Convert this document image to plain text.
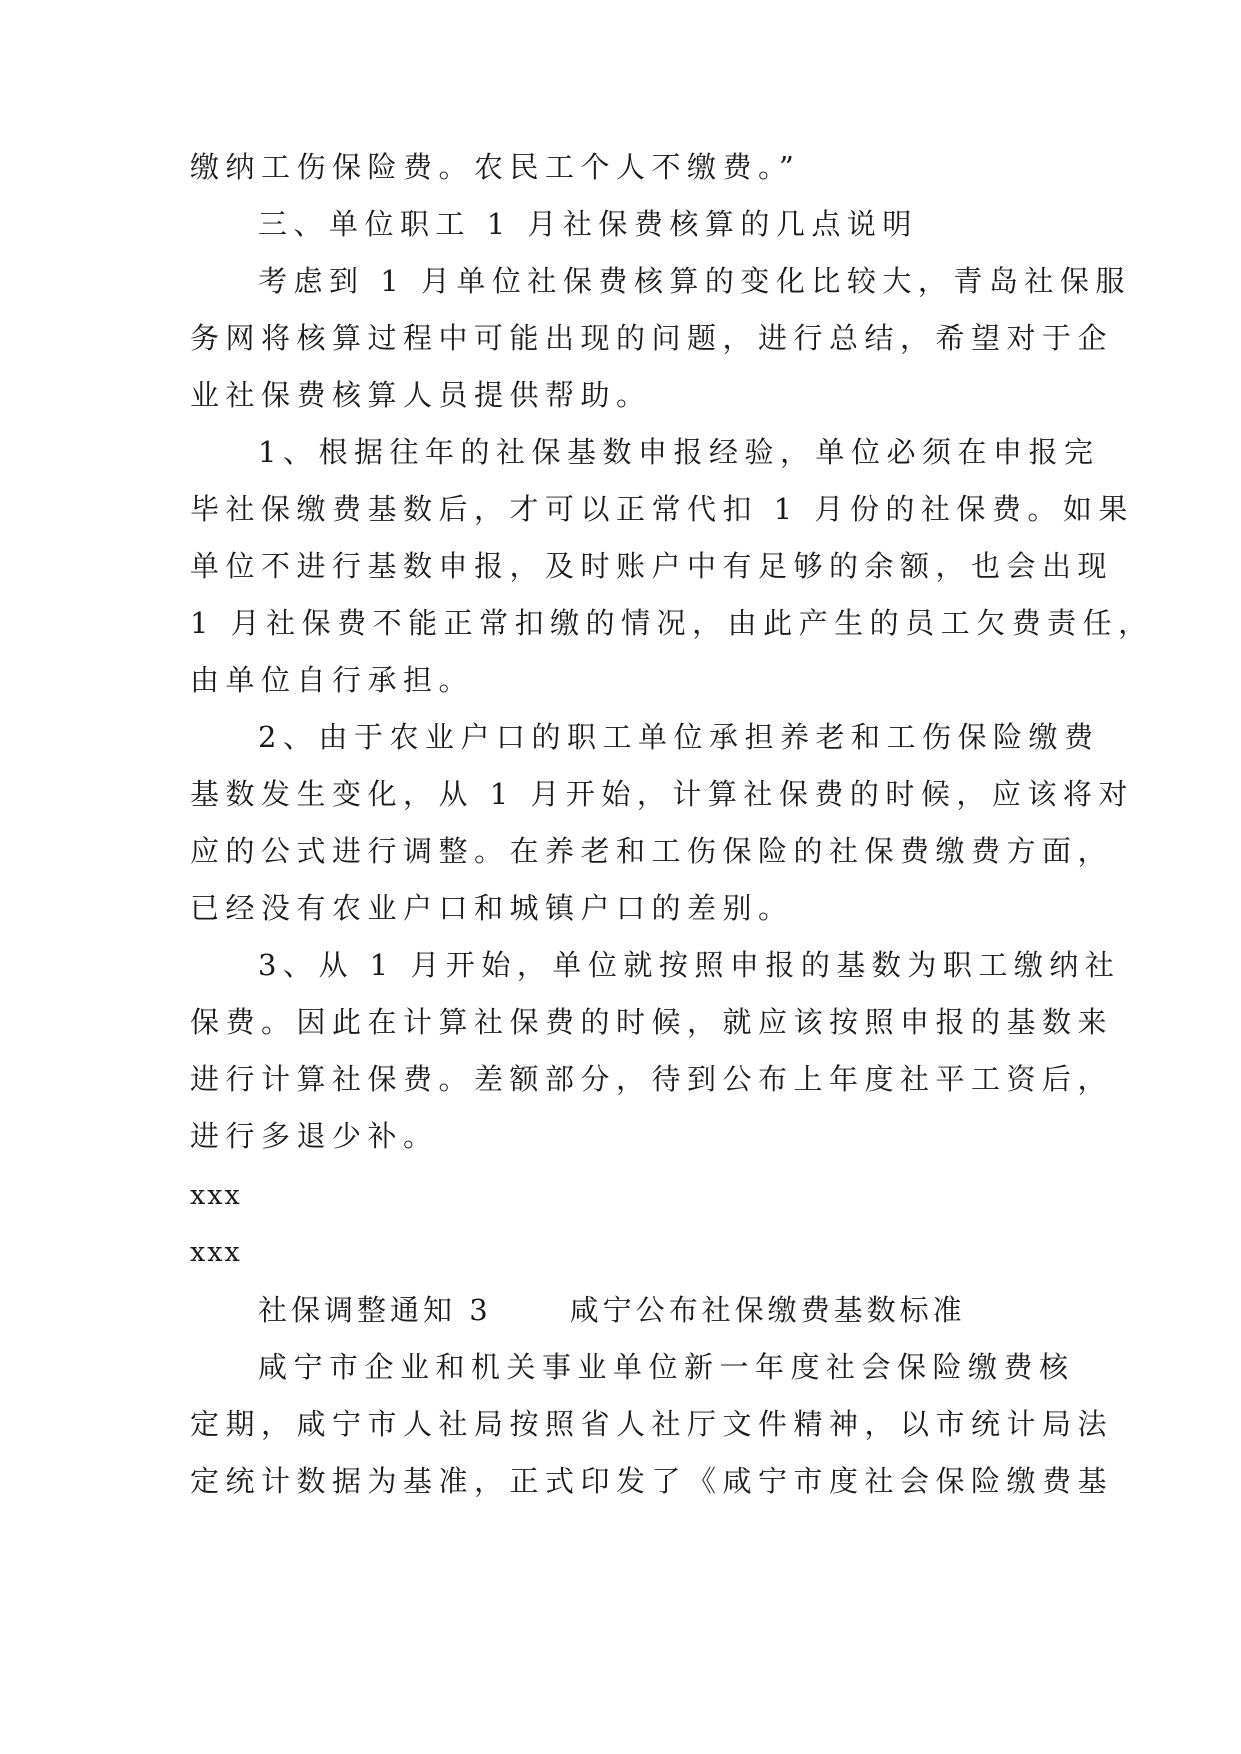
缴纳工伤保险费。农民工个人不缴费。”
三、单位职工 1 月社保费核算的几点说明
考虑到 1 月单位社保费核算的变化比较大，青岛社保服
务网将核算过程中可能出现的问题，进行总结，希望对于企
业社保费核算人员提供帮助。
1、根据往年的社保基数申报经验，单位必须在申报完
毕社保缴费基数后，才可以正常代扣 1 月份的社保费。如果
单位不进行基数申报，及时账户中有足够的余额，也会出现
1 月社保费不能正常扣缴的情况，由此产生的员工欠费责任，
由单位自行承担。
2、由于农业户口的职工单位承担养老和工伤保险缴费
基数发生变化，从 1 月开始，计算社保费的时候，应该将对
应的公式进行调整。在养老和工伤保险的社保费缴费方面，
已经没有农业户口和城镇户口的差别。
3、从 1 月开始，单位就按照申报的基数为职工缴纳社
保费。因此在计算社保费的时候，就应该按照申报的基数来
进行计算社保费。差额部分，待到公布上年度社平工资后，
进行多退少补。
xxx
xxx
社保调整通知 3	咸宁公布社保缴费基数标准
咸宁市企业和机关事业单位新一年度社会保险缴费核
定期，咸宁市人社局按照省人社厅文件精神，以市统计局法
定统计数据为基准，正式印发了《咸宁市度社会保险缴费基
